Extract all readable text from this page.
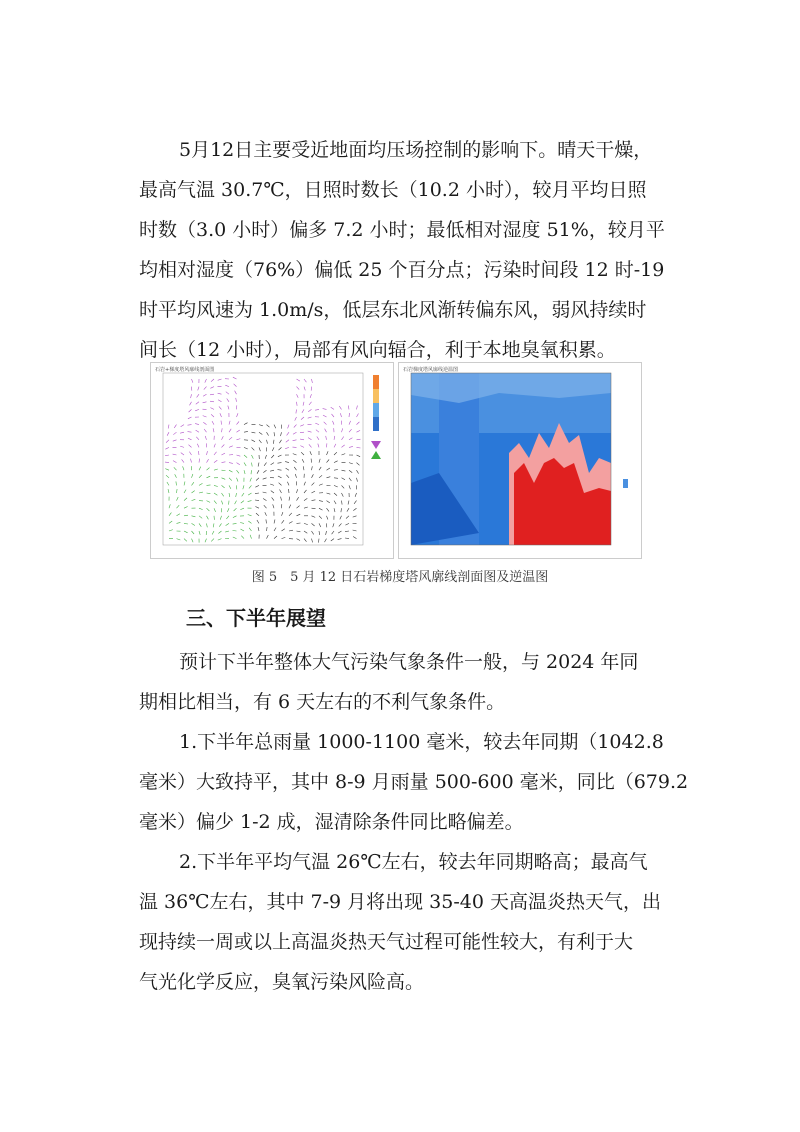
5月12日主要受近地面均压场控制的影响下。晴天干燥，
最高气温 30.7℃，日照时数长（10.2 小时），较月平均日照
时数（3.0 小时）偏多 7.2 小时；最低相对湿度 51%，较月平
均相对湿度（76%）偏低 25 个百分点；污染时间段 12 时-19
时平均风速为 1.0m/s，低层东北风渐转偏东风，弱风持续时
间长（12 小时），局部有风向辐合，利于本地臭氧积累。
石岩+梯度塔风廓线剖面图	石岩梯度塔风廓线逆温图
图 5　5 月 12 日石岩梯度塔风廓线剖面图及逆温图
三、下半年展望
预计下半年整体大气污染气象条件一般，与 2024 年同
期相比相当，有 6 天左右的不利气象条件。
1.下半年总雨量 1000-1100 毫米，较去年同期（1042.8
毫米）大致持平，其中 8-9 月雨量 500-600 毫米，同比（679.2
毫米）偏少 1-2 成，湿清除条件同比略偏差。
2.下半年平均气温 26℃左右，较去年同期略高；最高气
温 36℃左右，其中 7-9 月将出现 35-40 天高温炎热天气，出
现持续一周或以上高温炎热天气过程可能性较大，有利于大
气光化学反应，臭氧污染风险高。
